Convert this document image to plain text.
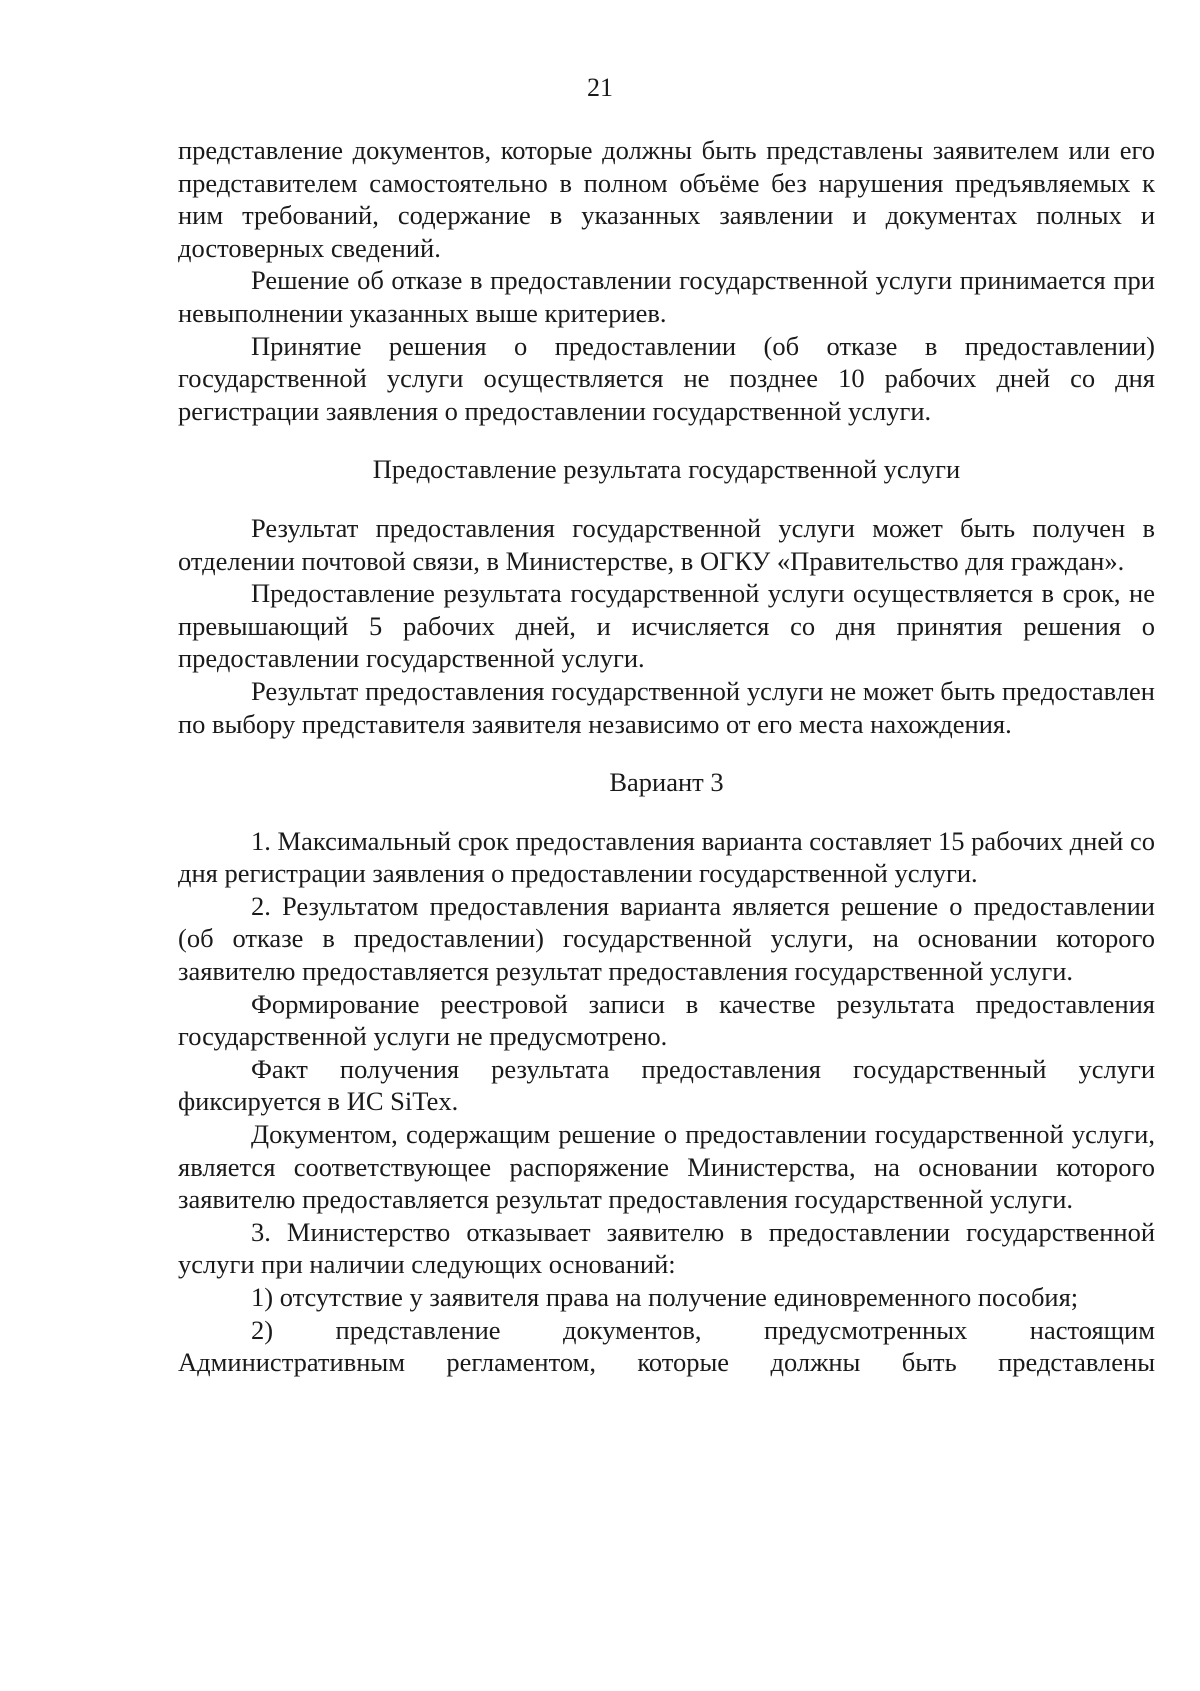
21

представление документов, которые должны быть представлены заявителем или его представителем самостоятельно в полном объёме без нарушения предъявляемых к ним требований, содержание в указанных заявлении и документах полных и достоверных сведений.

Решение об отказе в предоставлении государственной услуги принимается при невыполнении указанных выше критериев.

Принятие решения о предоставлении (об отказе в предоставлении) государственной услуги осуществляется не позднее 10 рабочих дней со дня регистрации заявления о предоставлении государственной услуги.

Предоставление результата государственной услуги

Результат предоставления государственной услуги может быть получен в отделении почтовой связи, в Министерстве, в ОГКУ «Правительство для граждан».

Предоставление результата государственной услуги осуществляется в срок, не превышающий 5 рабочих дней, и исчисляется со дня принятия решения о предоставлении государственной услуги.

Результат предоставления государственной услуги не может быть предоставлен по выбору представителя заявителя независимо от его места нахождения.

Вариант 3

1. Максимальный срок предоставления варианта составляет 15 рабочих дней со дня регистрации заявления о предоставлении государственной услуги.

2. Результатом предоставления варианта является решение о предоставлении (об отказе в предоставлении) государственной услуги, на основании которого заявителю предоставляется результат предоставления государственной услуги.

Формирование реестровой записи в качестве результата предоставления государственной услуги не предусмотрено.

Факт получения результата предоставления государственный услуги фиксируется в ИС SiTex.

Документом, содержащим решение о предоставлении государственной услуги, является соответствующее распоряжение Министерства, на основании которого заявителю предоставляется результат предоставления государственной услуги.

3. Министерство отказывает заявителю в предоставлении государственной услуги при наличии следующих оснований:

1) отсутствие у заявителя права на получение единовременного пособия;

2) представление документов, предусмотренных настоящим Административным регламентом, которые должны быть представлены
